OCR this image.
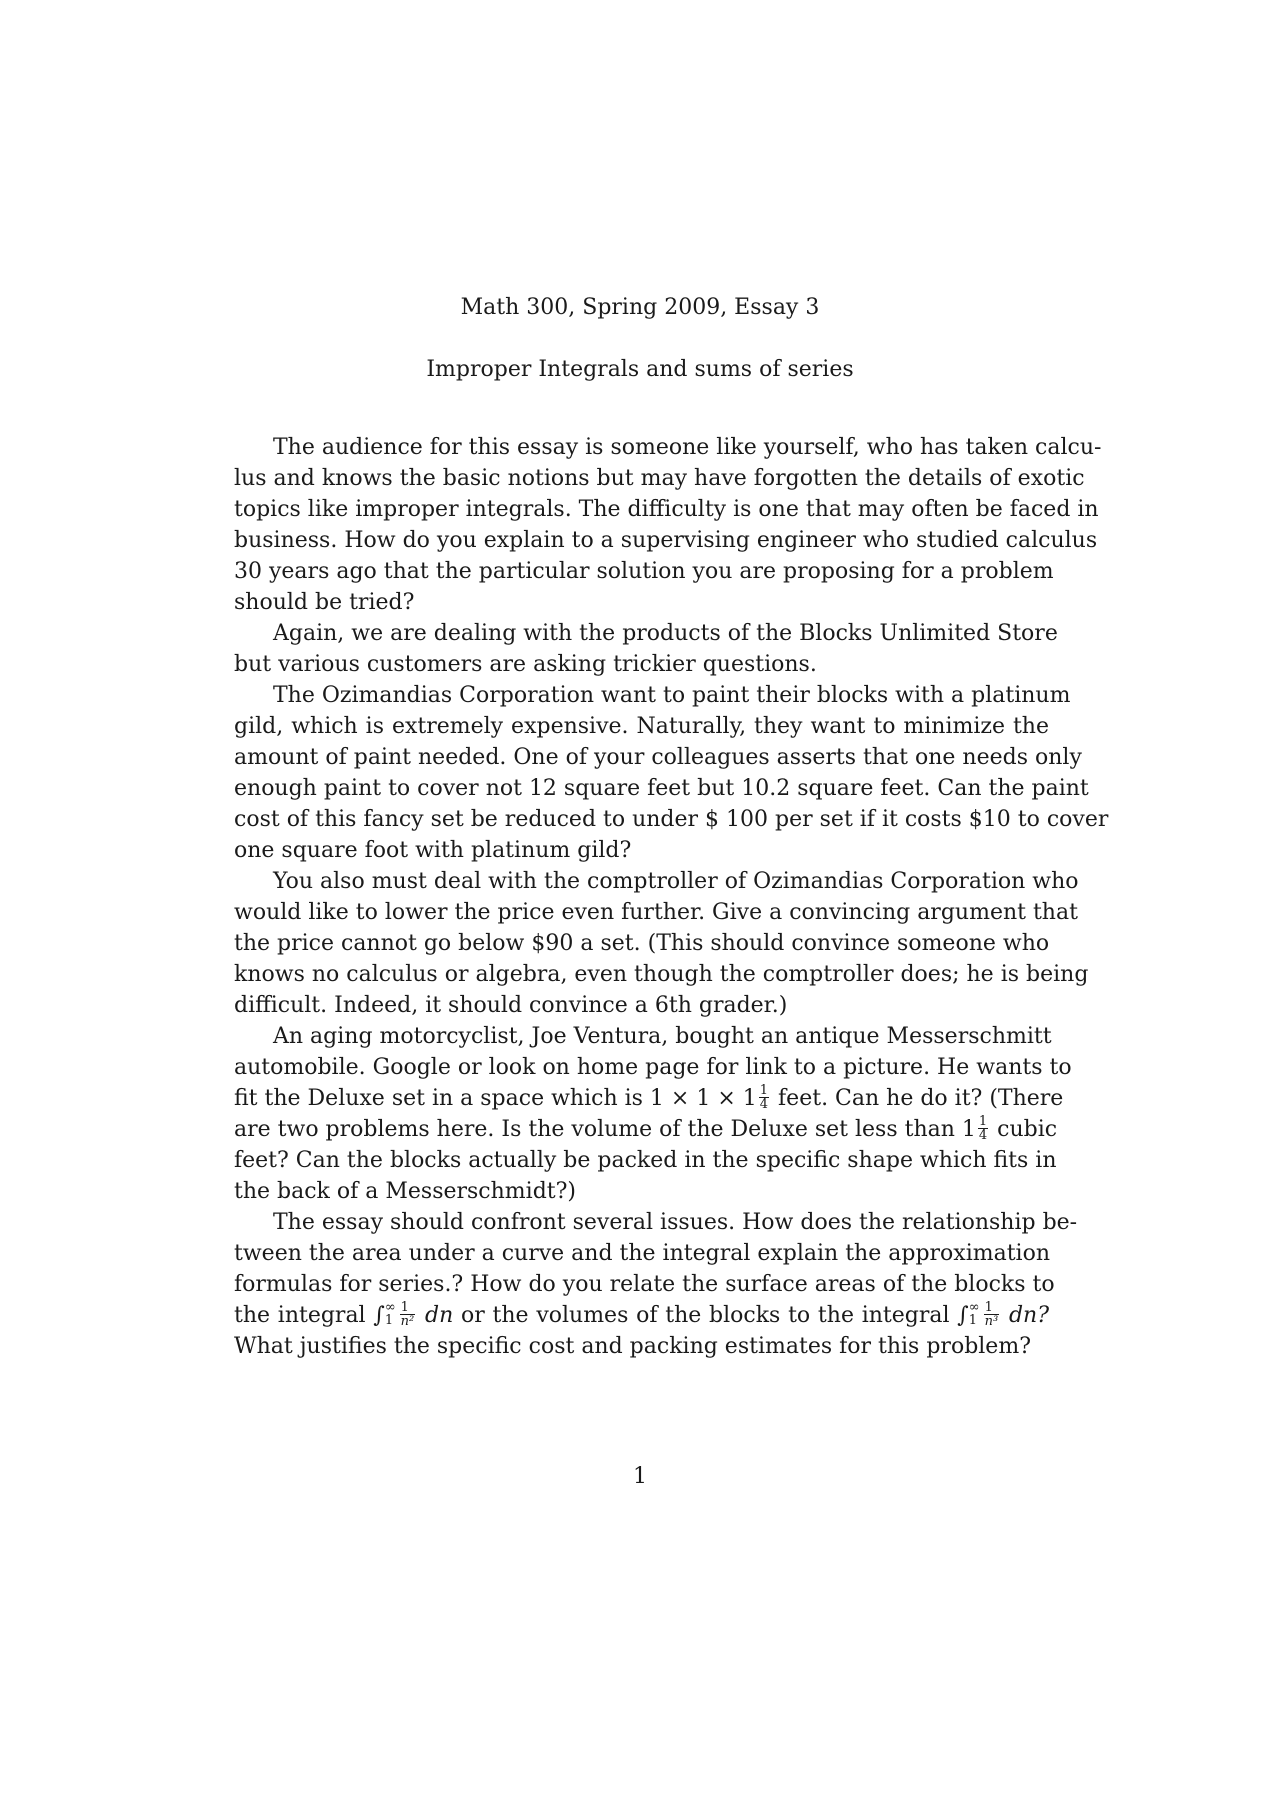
Math 300, Spring 2009, Essay 3
Improper Integrals and sums of series
The audience for this essay is someone like yourself, who has taken calcu-
lus and knows the basic notions but may have forgotten the details of exotic
topics like improper integrals. The difficulty is one that may often be faced in
business. How do you explain to a supervising engineer who studied calculus
30 years ago that the particular solution you are proposing for a problem
should be tried?
Again, we are dealing with the products of the Blocks Unlimited Store
but various customers are asking trickier questions.
The Ozimandias Corporation want to paint their blocks with a platinum
gild, which is extremely expensive. Naturally, they want to minimize the
amount of paint needed. One of your colleagues asserts that one needs only
enough paint to cover not 12 square feet but 10.2 square feet. Can the paint
cost of this fancy set be reduced to under $ 100 per set if it costs $10 to cover
one square foot with platinum gild?
You also must deal with the comptroller of Ozimandias Corporation who
would like to lower the price even further. Give a convincing argument that
the price cannot go below $90 a set. (This should convince someone who
knows no calculus or algebra, even though the comptroller does; he is being
difficult. Indeed, it should convince a 6th grader.)
An aging motorcyclist, Joe Ventura, bought an antique Messerschmitt
automobile. Google or look on home page for link to a picture. He wants to
fit the Deluxe set in a space which is $1 \times 1 \times 1 \frac{1}{4}$ feet. Can he do it? (There
are two problems here. Is the volume of the Deluxe set less than $1 \frac{1}{4}$ cubic
feet? Can the blocks actually be packed in the specific shape which fits in
the back of a Messerschmidt?)
The essay should confront several issues. How does the relationship be-
tween the area under a curve and the integral explain the approximation
formulas for series.? How do you relate the surface areas of the blocks to
the integral ∫ ∞
$1 \frac{1}{\text{n²}}$ dn or the volumes of the blocks to the integral ∫ ∞
$1 \frac{1}{\text{n³}}$ dn?
What justifies the specific cost and packing estimates for this problem?
1
